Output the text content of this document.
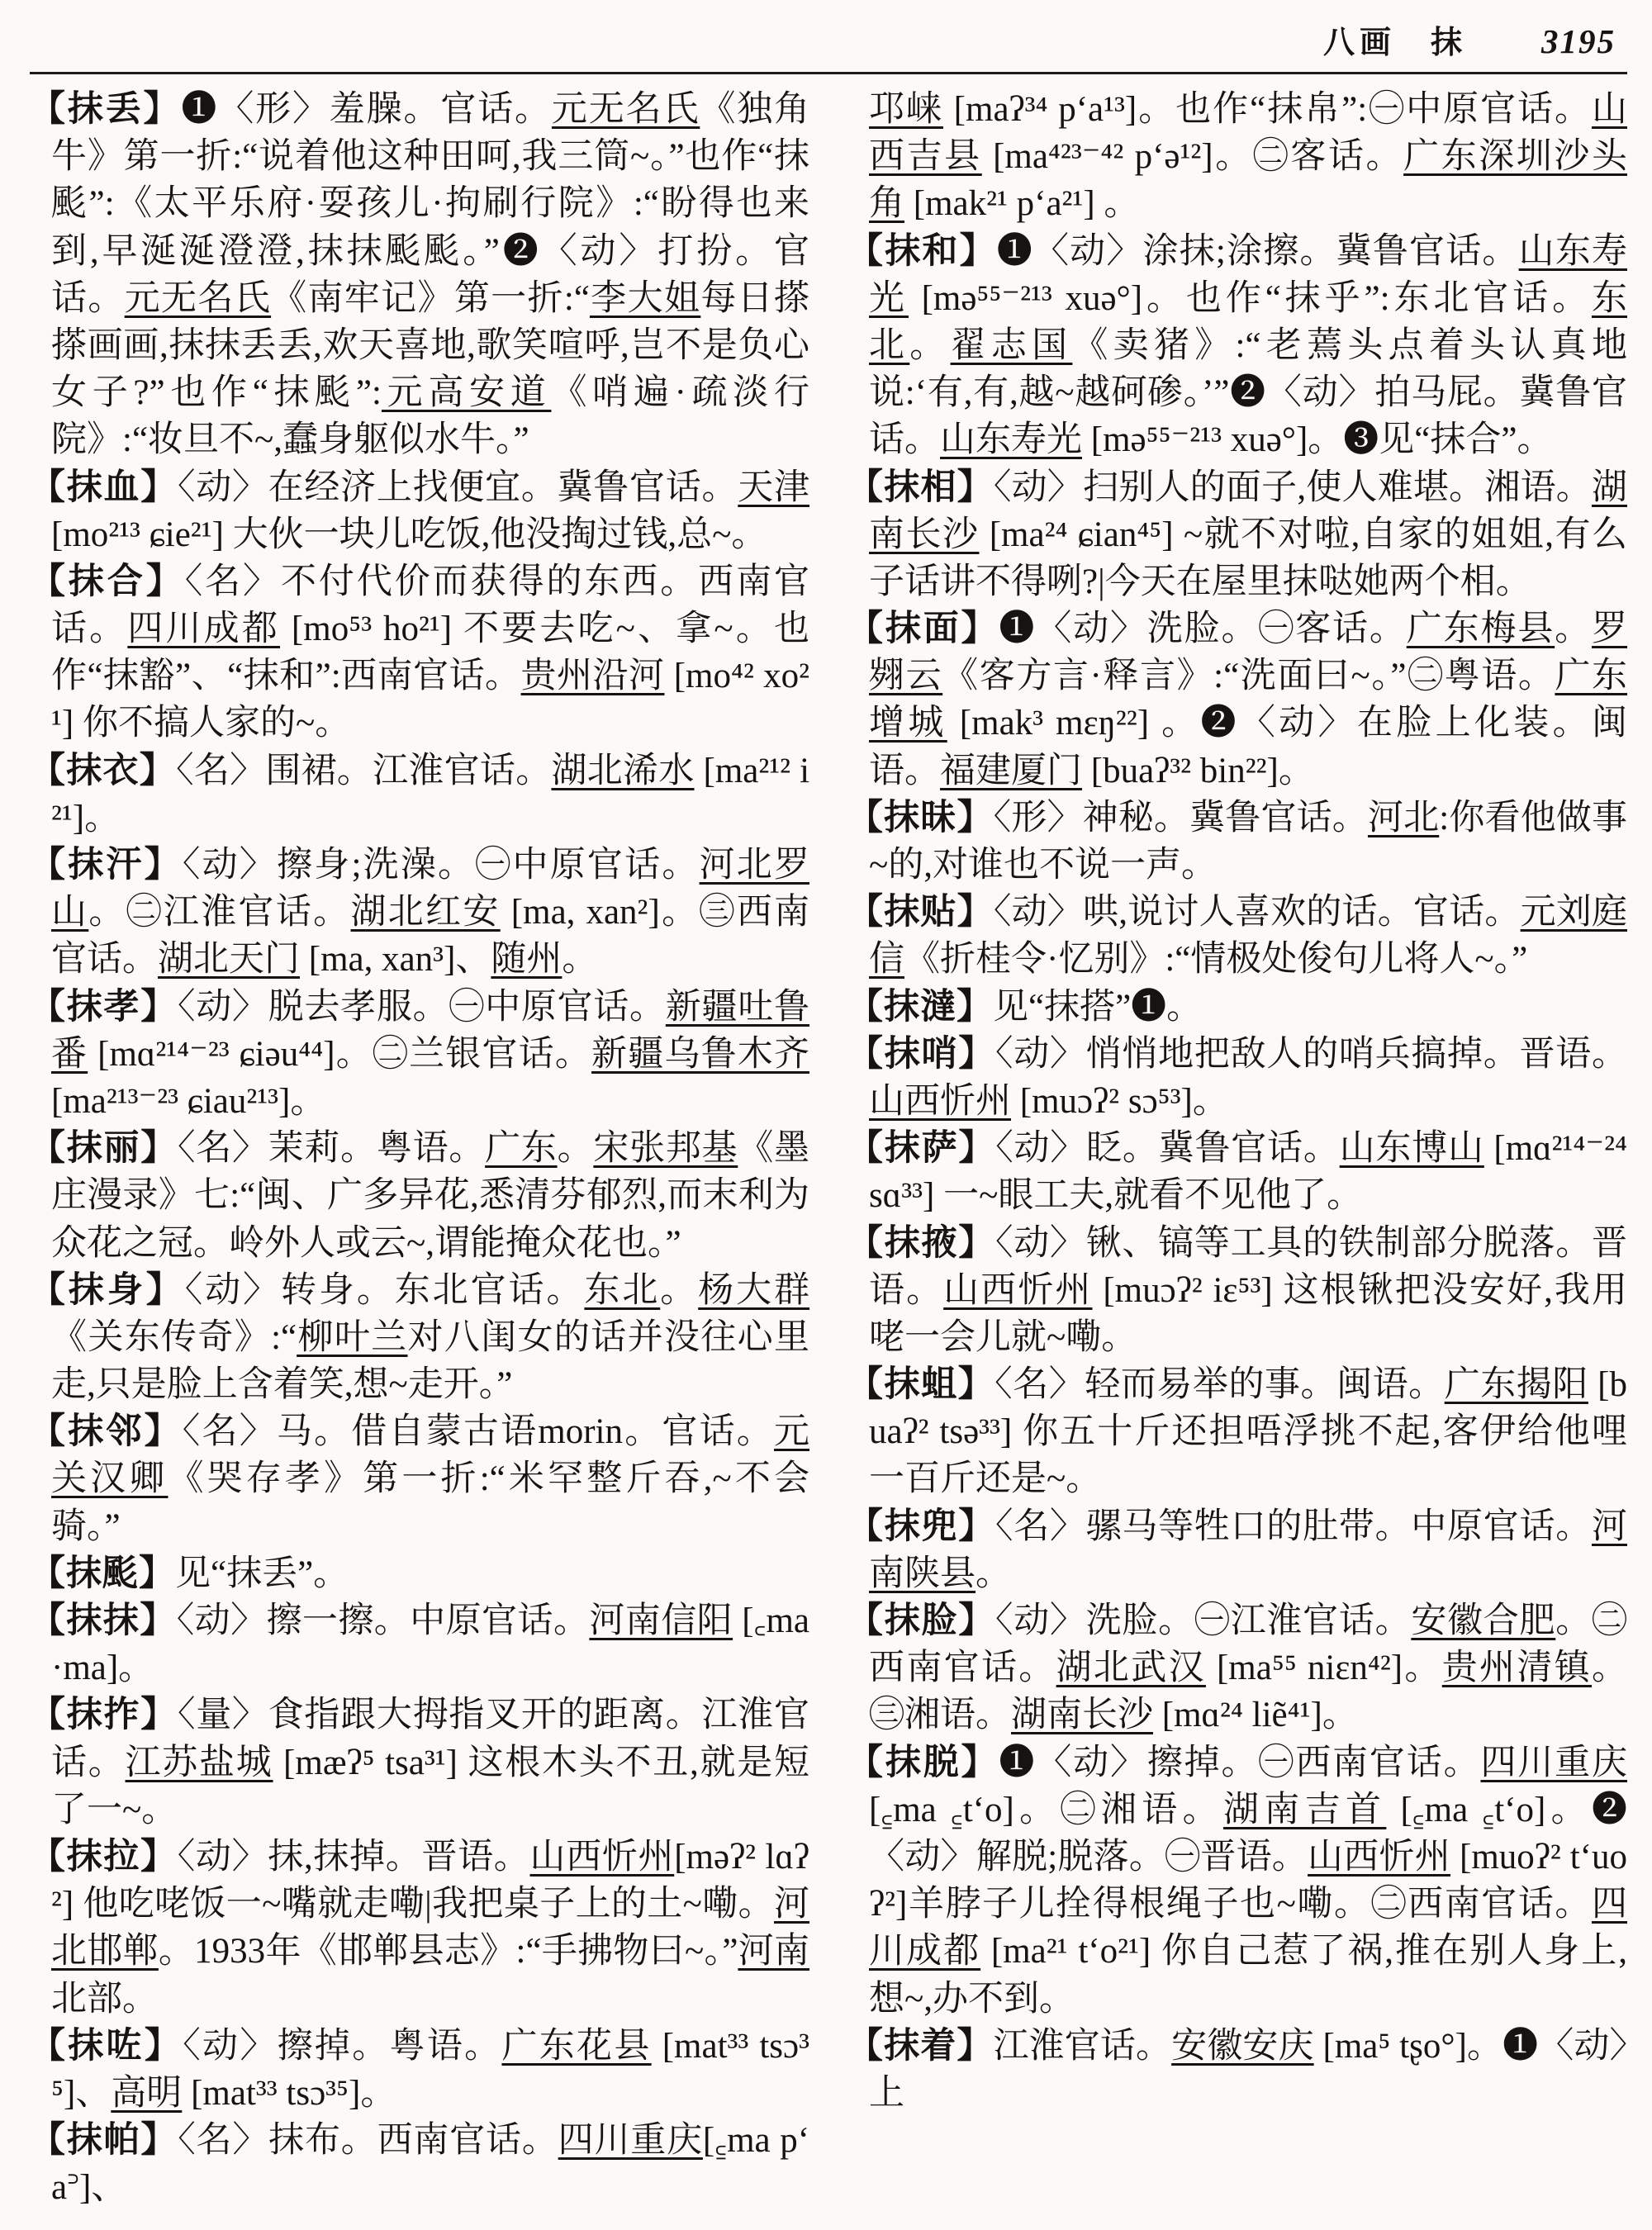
八画 抹 3195

【抹丢】❶〈形〉羞臊。官话。元无名氏《独角牛》第一折:“说着他这种田呵,我三筒~。”也作“抹颩”:《太平乐府·耍孩儿·拘刷行院》:“盼得也来到,早涎涎澄澄,抹抹颩颩。”❷〈动〉打扮。官话。元无名氏《南牢记》第一折:“李大姐每日搽搽画画,抹抹丢丢,欢天喜地,歌笑喧呼,岂不是负心女子?”也作“抹颩”:元高安道《哨遍·疏淡行院》:“妆旦不~,蠢身躯似水牛。”

【抹血】〈动〉在经济上找便宜。冀鲁官话。天津 [mo²¹³ ɕie²¹] 大伙一块儿吃饭,他没掏过钱,总~。

【抹合】〈名〉不付代价而获得的东西。西南官话。四川成都 [mo⁵³ ho²¹] 不要去吃~、拿~。也作“抹豁”、“抹和”:西南官话。贵州沿河 [mo⁴² xo²¹] 你不搞人家的~。

【抹衣】〈名〉围裙。江淮官话。湖北浠水 [ma²¹² i²¹]。

【抹汗】〈动〉擦身;洗澡。㊀中原官话。河北罗山。㊁江淮官话。湖北红安 [ma, xan²]。㊂西南官话。湖北天门 [ma, xan³]、随州。

【抹孝】〈动〉脱去孝服。㊀中原官话。新疆吐鲁番 [mɑ²¹⁴⁻²³ ɕiəu⁴⁴]。㊁兰银官话。新疆乌鲁木齐 [ma²¹³⁻²³ ɕiau²¹³]。

【抹丽】〈名〉茉莉。粤语。广东。宋张邦基《墨庄漫录》七:“闽、广多异花,悉清芬郁烈,而末利为众花之冠。岭外人或云~,谓能掩众花也。”

【抹身】〈动〉转身。东北官话。东北。杨大群《关东传奇》:“柳叶兰对八闺女的话并没往心里走,只是脸上含着笑,想~走开。”

【抹邻】〈名〉马。借自蒙古语morin。官话。元关汉卿《哭存孝》第一折:“米罕整斤吞,~不会骑。”

【抹颩】见“抹丢”。

【抹抹】〈动〉擦一擦。中原官话。河南信阳 [꜀ma ·ma]。

【抹拃】〈量〉食指跟大拇指叉开的距离。江淮官话。江苏盐城 [mæʔ⁵ tsa³¹] 这根木头不丑,就是短了一~。

【抹拉】〈动〉抹,抹掉。晋语。山西忻州[məʔ² lɑʔ²] 他吃咾饭一~嘴就走嘞|我把桌子上的土~嘞。河北邯郸。1933年《邯郸县志》:“手拂物曰~。”河南北部。

【抹咗】〈动〉擦掉。粤语。广东花县 [mat³³ tsɔ³⁵]、高明 [mat³³ tsɔ³⁵]。

【抹帕】〈名〉抹布。西南官话。四川重庆[꜁ma pʻa꜄]、

邛崃 [maʔ³⁴ pʻa¹³]。也作“抹帛”:㊀中原官话。山西吉县 [ma⁴²³⁻⁴² pʻə¹²]。㊁客话。广东深圳沙头角 [mak²¹ pʻa²¹] 。

【抹和】❶〈动〉涂抹;涂擦。冀鲁官话。山东寿光 [mə⁵⁵⁻²¹³ xuə°]。也作“抹乎”:东北官话。东北。翟志国《卖猪》:“老蔫头点着头认真地说:‘有,有,越~越砢碜。’”❷〈动〉拍马屁。冀鲁官话。山东寿光 [mə⁵⁵⁻²¹³ xuə°]。❸见“抹合”。

【抹相】〈动〉扫别人的面子,使人难堪。湘语。湖南长沙 [ma²⁴ ɕian⁴⁵] ~就不对啦,自家的姐姐,有么子话讲不得咧?|今天在屋里抹哒她两个相。

【抹面】❶〈动〉洗脸。㊀客话。广东梅县。罗翙云《客方言·释言》:“洗面曰~。”㊁粤语。广东增城 [mak³ mɛŋ²²] 。❷〈动〉在脸上化装。闽语。福建厦门 [buaʔ³² bin²²]。

【抹昧】〈形〉神秘。冀鲁官话。河北:你看他做事~的,对谁也不说一声。

【抹贴】〈动〉哄,说讨人喜欢的话。官话。元刘庭信《折桂令·忆别》:“情极处俊句儿将人~。”

【抹澾】见“抹搭”❶。

【抹哨】〈动〉悄悄地把敌人的哨兵搞掉。晋语。山西忻州 [muɔʔ² sɔ⁵³]。

【抹萨】〈动〉眨。冀鲁官话。山东博山 [mɑ²¹⁴⁻²⁴ sɑ³³] 一~眼工夫,就看不见他了。

【抹掖】〈动〉锹、镐等工具的铁制部分脱落。晋语。山西忻州 [muɔʔ² iɛ⁵³] 这根锹把没安好,我用咾一会儿就~嘞。

【抹蛆】〈名〉轻而易举的事。闽语。广东揭阳 [buaʔ² tsə³³] 你五十斤还担唔浮挑不起,客伊给他哩一百斤还是~。

【抹兜】〈名〉骡马等牲口的肚带。中原官话。河南陕县。

【抹脸】〈动〉洗脸。㊀江淮官话。安徽合肥。㊁西南官话。湖北武汉 [ma⁵⁵ niɛn⁴²]。贵州清镇。㊂湘语。湖南长沙 [mɑ²⁴ liẽ⁴¹]。

【抹脱】❶〈动〉擦掉。㊀西南官话。四川重庆 [꜁ma ꜁tʻo]。㊁湘语。湖南吉首 [꜁ma ꜁tʻo]。❷〈动〉解脱;脱落。㊀晋语。山西忻州 [muoʔ² tʻuoʔ²]羊脖子儿拴得根绳子也~嘞。㊁西南官话。四川成都 [ma²¹ tʻo²¹] 你自己惹了祸,推在别人身上,想~,办不到。

【抹着】江淮官话。安徽安庆 [ma⁵ tʂo°]。❶〈动〉上
